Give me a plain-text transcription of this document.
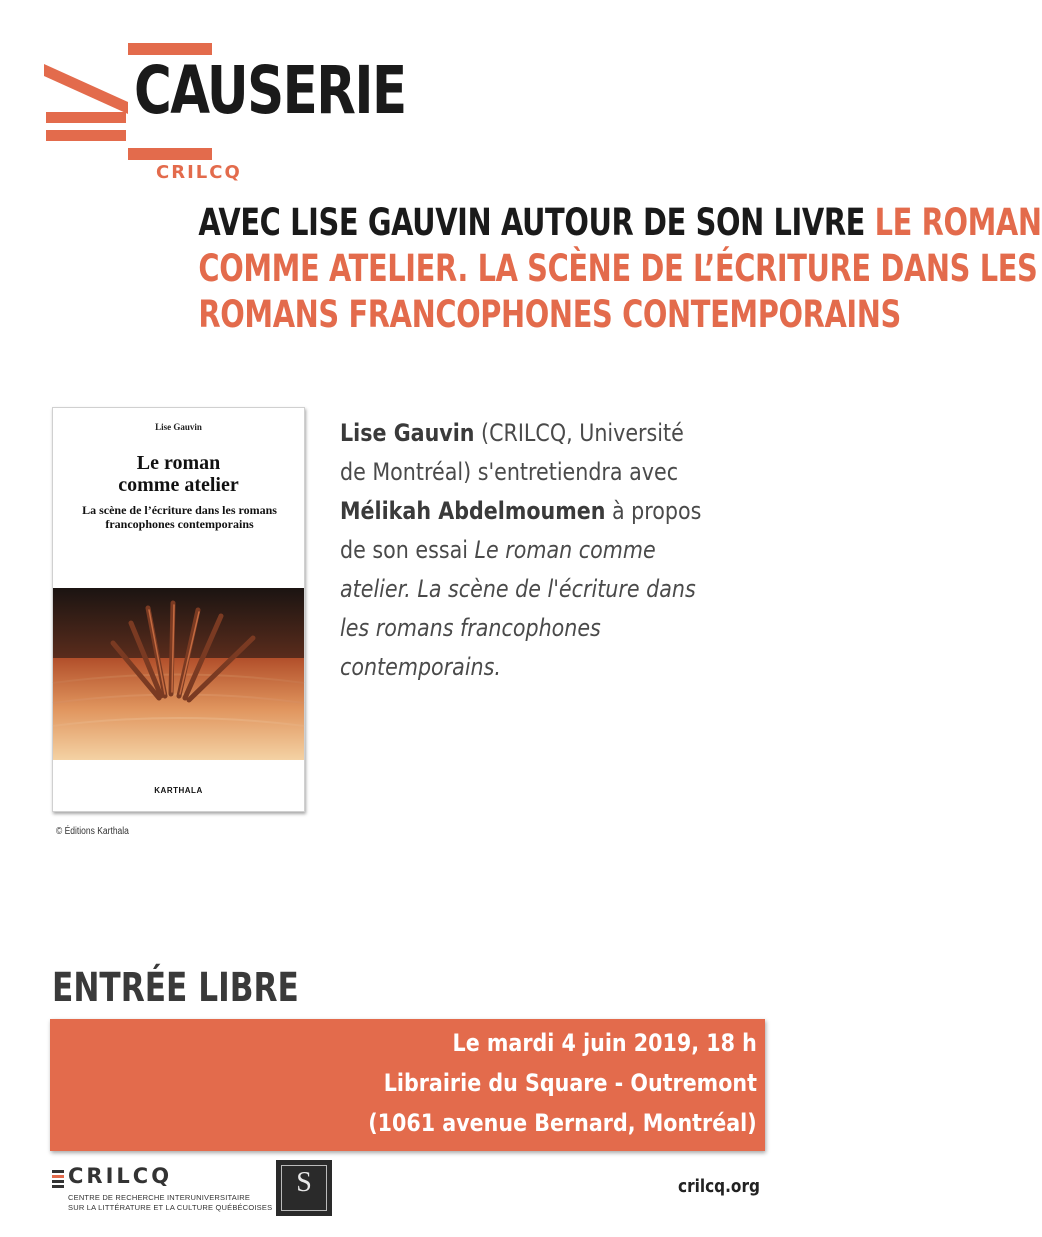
CAUSERIE
CRILCQ
AVEC LISE GAUVIN AUTOUR DE SON LIVRE LE ROMAN
COMME ATELIER. LA SCÈNE DE L’ÉCRITURE DANS LES
ROMANS FRANCOPHONES CONTEMPORAINS
Lise Gauvin
Le roman
comme atelier
La scène de l’écriture dans les romans
francophones contemporains
KARTHALA
© Éditions Karthala
Lise Gauvin (CRILCQ, Université de Montréal) s'entretiendra avec Mélikah Abdelmoumen à propos de son essai Le roman comme atelier. La scène de l'écriture dans les romans francophones contemporains.
ENTRÉE LIBRE
Le mardi 4 juin 2019, 18 h
Librairie du Square - Outremont
(1061 avenue Bernard, Montréal)
CRILCQ
CENTRE DE RECHERCHE INTERUNIVERSITAIRE
SUR LA LITTÉRATURE ET LA CULTURE QUÉBÉCOISES
S	crilcq.org
